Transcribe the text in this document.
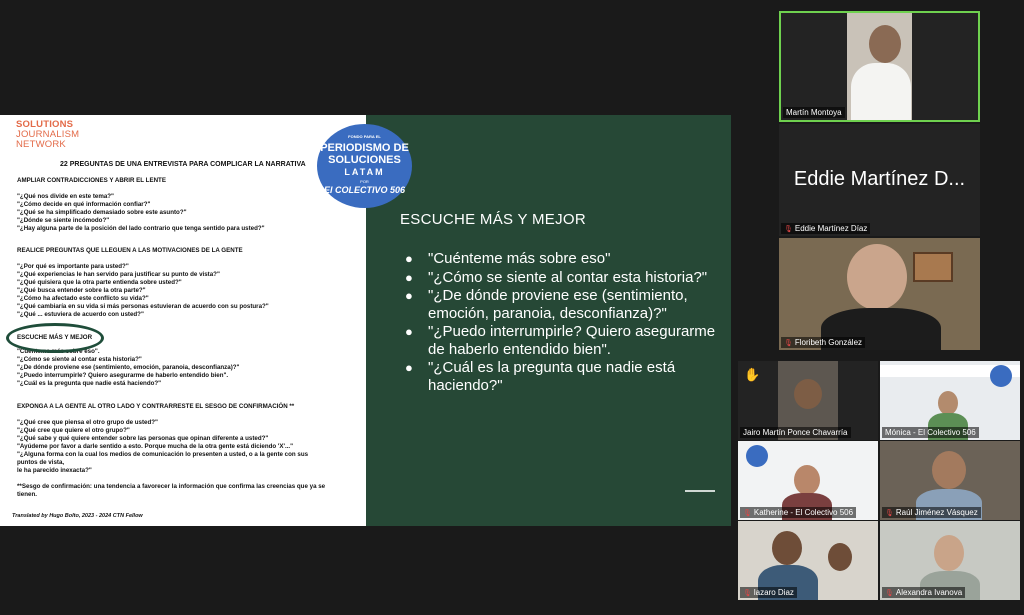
SOLUTIONS
JOURNALISM
NETWORK
22 PREGUNTAS DE UNA ENTREVISTA PARA COMPLICAR LA NARRATIVA
AMPLIAR CONTRADICCIONES Y ABRIR EL LENTE
"¿Qué nos divide en este tema?"
"¿Cómo decide en qué información confiar?"
"¿Qué se ha simplificado demasiado sobre este asunto?"
"¿Dónde se siente incómodo?"
"¿Hay alguna parte de la posición del lado contrario que tenga sentido para usted?"
REALICE PREGUNTAS QUE LLEGUEN A LAS MOTIVACIONES DE LA GENTE
"¿Por qué es importante para usted?"
"¿Qué experiencias le han servido para justificar su punto de vista?"
"¿Qué quisiera que la otra parte entienda sobre usted?"
"¿Qué busca entender sobre la otra parte?"
"¿Cómo ha afectado este conflicto su vida?"
"¿Qué cambiaría en su vida si más personas estuvieran de acuerdo con su postura?"
"¿Qué ... estuviera de acuerdo con usted?"
ESCUCHE MÁS Y MEJOR
"Cuénteme más sobre eso".
"¿Cómo se siente al contar esta historia?"
"¿De dónde proviene ese (sentimiento, emoción, paranoia, desconfianza)?"
"¿Puedo interrumpirle? Quiero asegurarme de haberlo entendido bien".
"¿Cuál es la pregunta que nadie está haciendo?"
EXPONGA A LA GENTE AL OTRO LADO Y CONTRARRESTE EL SESGO DE CONFIRMACIÓN **
"¿Qué cree que piensa el otro grupo de usted?"
"¿Qué cree que quiere el otro grupo?"
"¿Qué sabe y qué quiere entender sobre las personas que opinan diferente a usted?"
"Ayúdeme por favor a darle sentido a esto. Porque mucha de la otra gente está diciendo 'X'..."
"¿Alguna forma con la cual los medios de comunicación lo presenten a usted, o a la gente con sus
puntos de vista,
le ha parecido inexacta?"
**Sesgo de confirmación: una tendencia a favorecer la información que confirma las creencias que ya se
tienen.
Translated by Hugo Bolto, 2023 - 2024 CTN Fellow
ESCUCHE MÁS Y MEJOR
● "Cuénteme más sobre eso"
● "¿Cómo se siente al contar esta historia?"
● "¿De dónde proviene ese (sentimiento, emoción, paranoia, desconfianza)?"
● "¿Puedo interrumpirle? Quiero asegurarme de haberlo entendido bien".
● "¿Cuál es la pregunta que nadie está haciendo?"
FONDO PARA EL
PERIODISMO DE
SOLUCIONES
LATAM
POR
El COLECTIVO 506
Martín Montoya
Eddie Martínez D...
🎙 Eddie Martínez Díaz
🎙 Floribeth González
✋
Jairo Martín Ponce Chavarría	Mónica - El Colectivo 506
🎙 Katherine - El Colectivo 506	🎙 Raúl Jiménez Vásquez
🎙 lazaro Diaz	🎙 Alexandra Ivanova
